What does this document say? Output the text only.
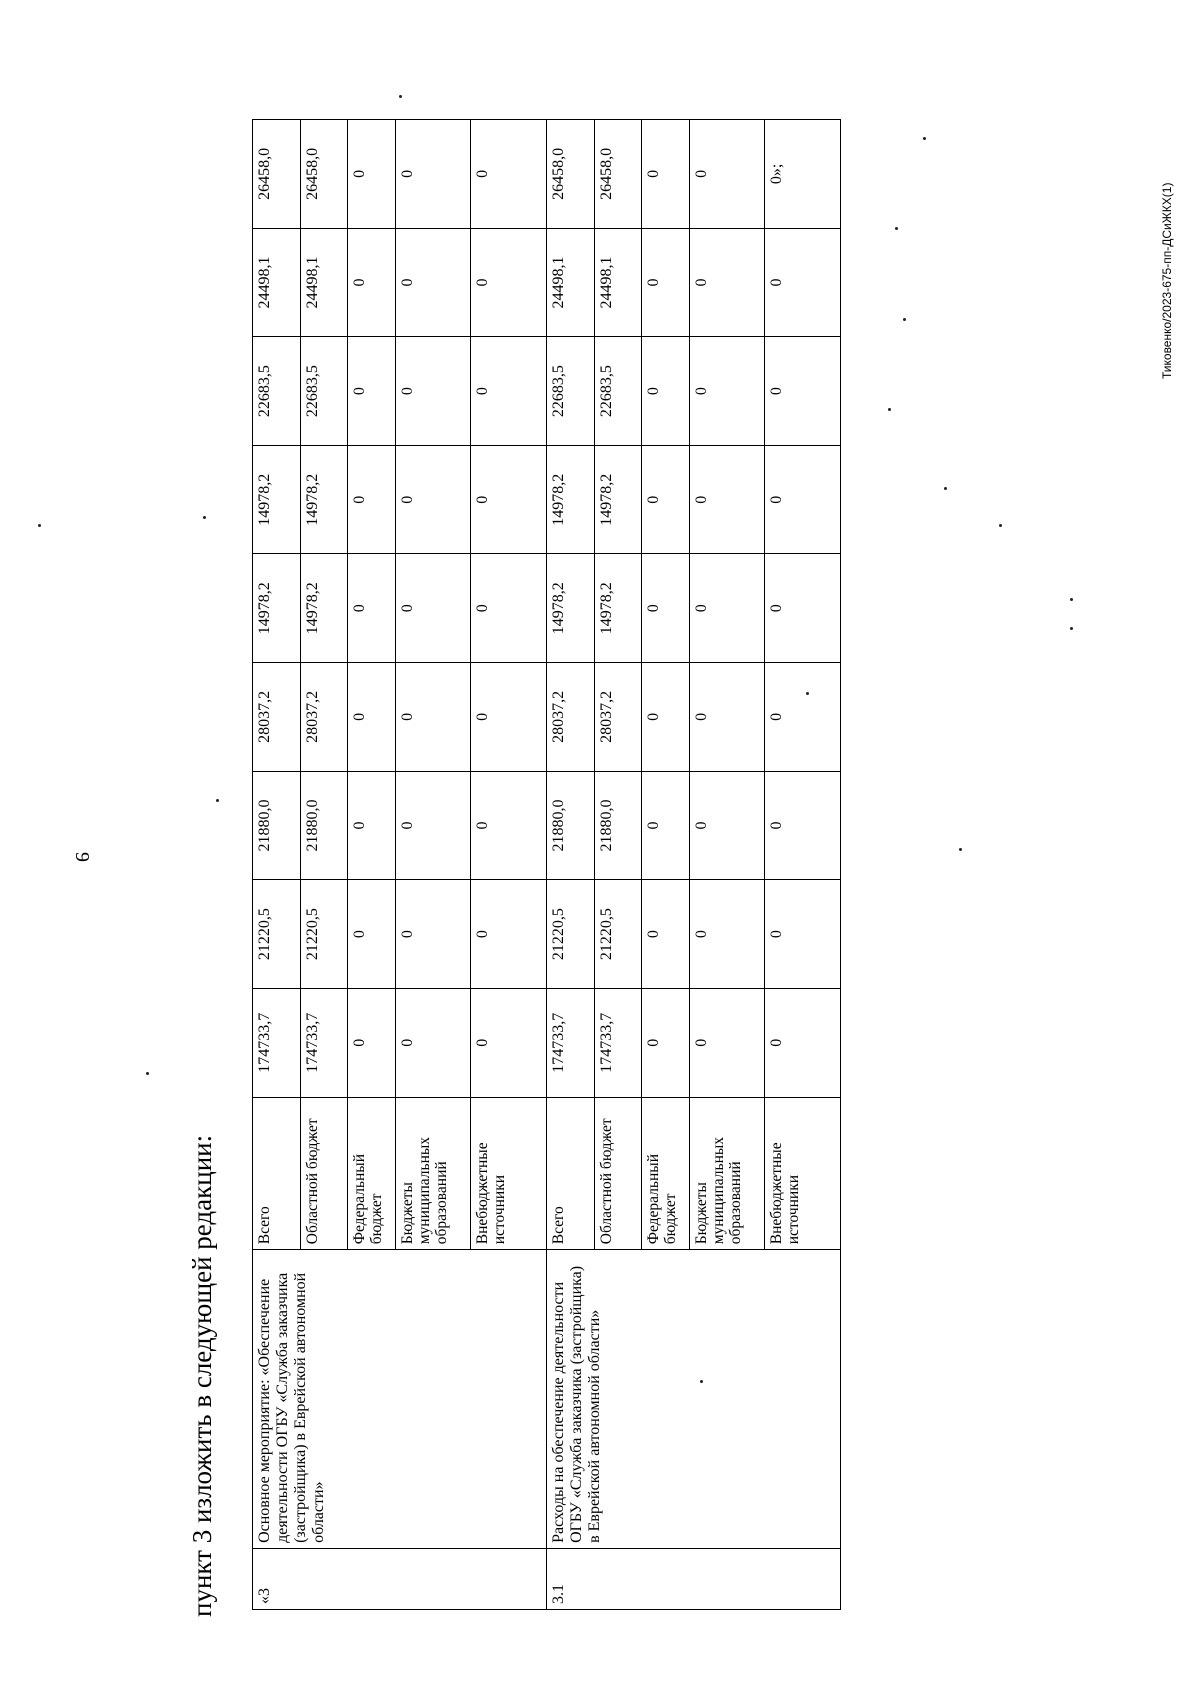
9
пункт 3 изложить в следующей редакции:
Тиковенко/2023-675-пп-ДСиЖКХ(1)
«3	Основное мероприятие: «Обеспечение деятельности ОГБУ «Служба заказчика (застройщика) в Еврейской автономной области»	Всего	174733,7	21220,5	21880,0	28037,2	14978,2	14978,2	22683,5	24498,1	26458,0
		Областной бюджет	174733,7	21220,5	21880,0	28037,2	14978,2	14978,2	22683,5	24498,1	26458,0
		Федеральный бюджет	0	0	0	0	0	0	0	0	0
		Бюджеты муниципальных образований	0	0	0	0	0	0	0	0	0
		Внебюджетные источники	0	0	0	0	0	0	0	0	0
3.1	Расходы на обеспечение деятельности ОГБУ «Служба заказчика (застройщика) в Еврейской автономной области»	Всего	174733,7	21220,5	21880,0	28037,2	14978,2	14978,2	22683,5	24498,1	26458,0
		Областной бюджет	174733,7	21220,5	21880,0	28037,2	14978,2	14978,2	22683,5	24498,1	26458,0
		Федеральный бюджет	0	0	0	0	0	0	0	0	0
		Бюджеты муниципальных образований	0	0	0	0	0	0	0	0	0
		Внебюджетные источники	0	0	0	0	0	0	0	0	0»;
